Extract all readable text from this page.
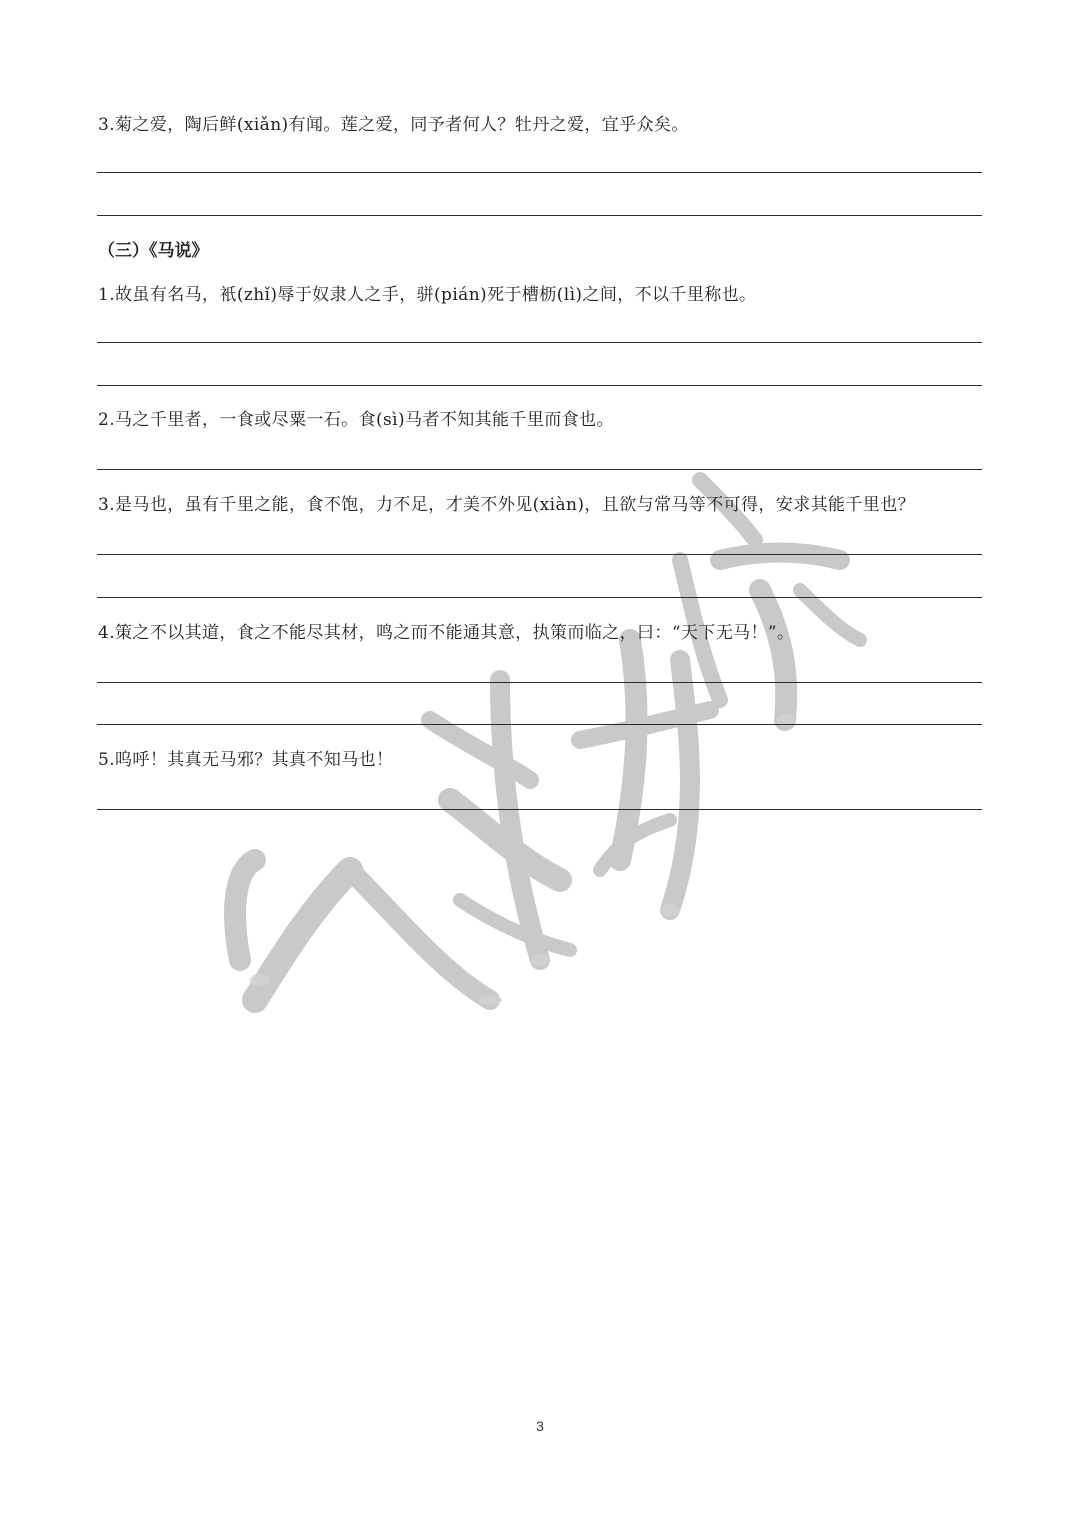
3.菊之爱，陶后鲜(xiǎn)有闻。莲之爱，同予者何人？牡丹之爱，宜乎众矣。
（三）《马说》
1.故虽有名马，衹(zhǐ)辱于奴隶人之手，骈(pián)死于槽枥(lì)之间，不以千里称也。
2.马之千里者，一食或尽粟一石。食(sì)马者不知其能千里而食也。
3.是马也，虽有千里之能，食不饱，力不足，才美不外见(xiàn)，且欲与常马等不可得，安求其能千里也？
4.策之不以其道，食之不能尽其材，鸣之而不能通其意，执策而临之，曰：“天下无马！”。
5.呜呼！其真无马邪？其真不知马也！
3
